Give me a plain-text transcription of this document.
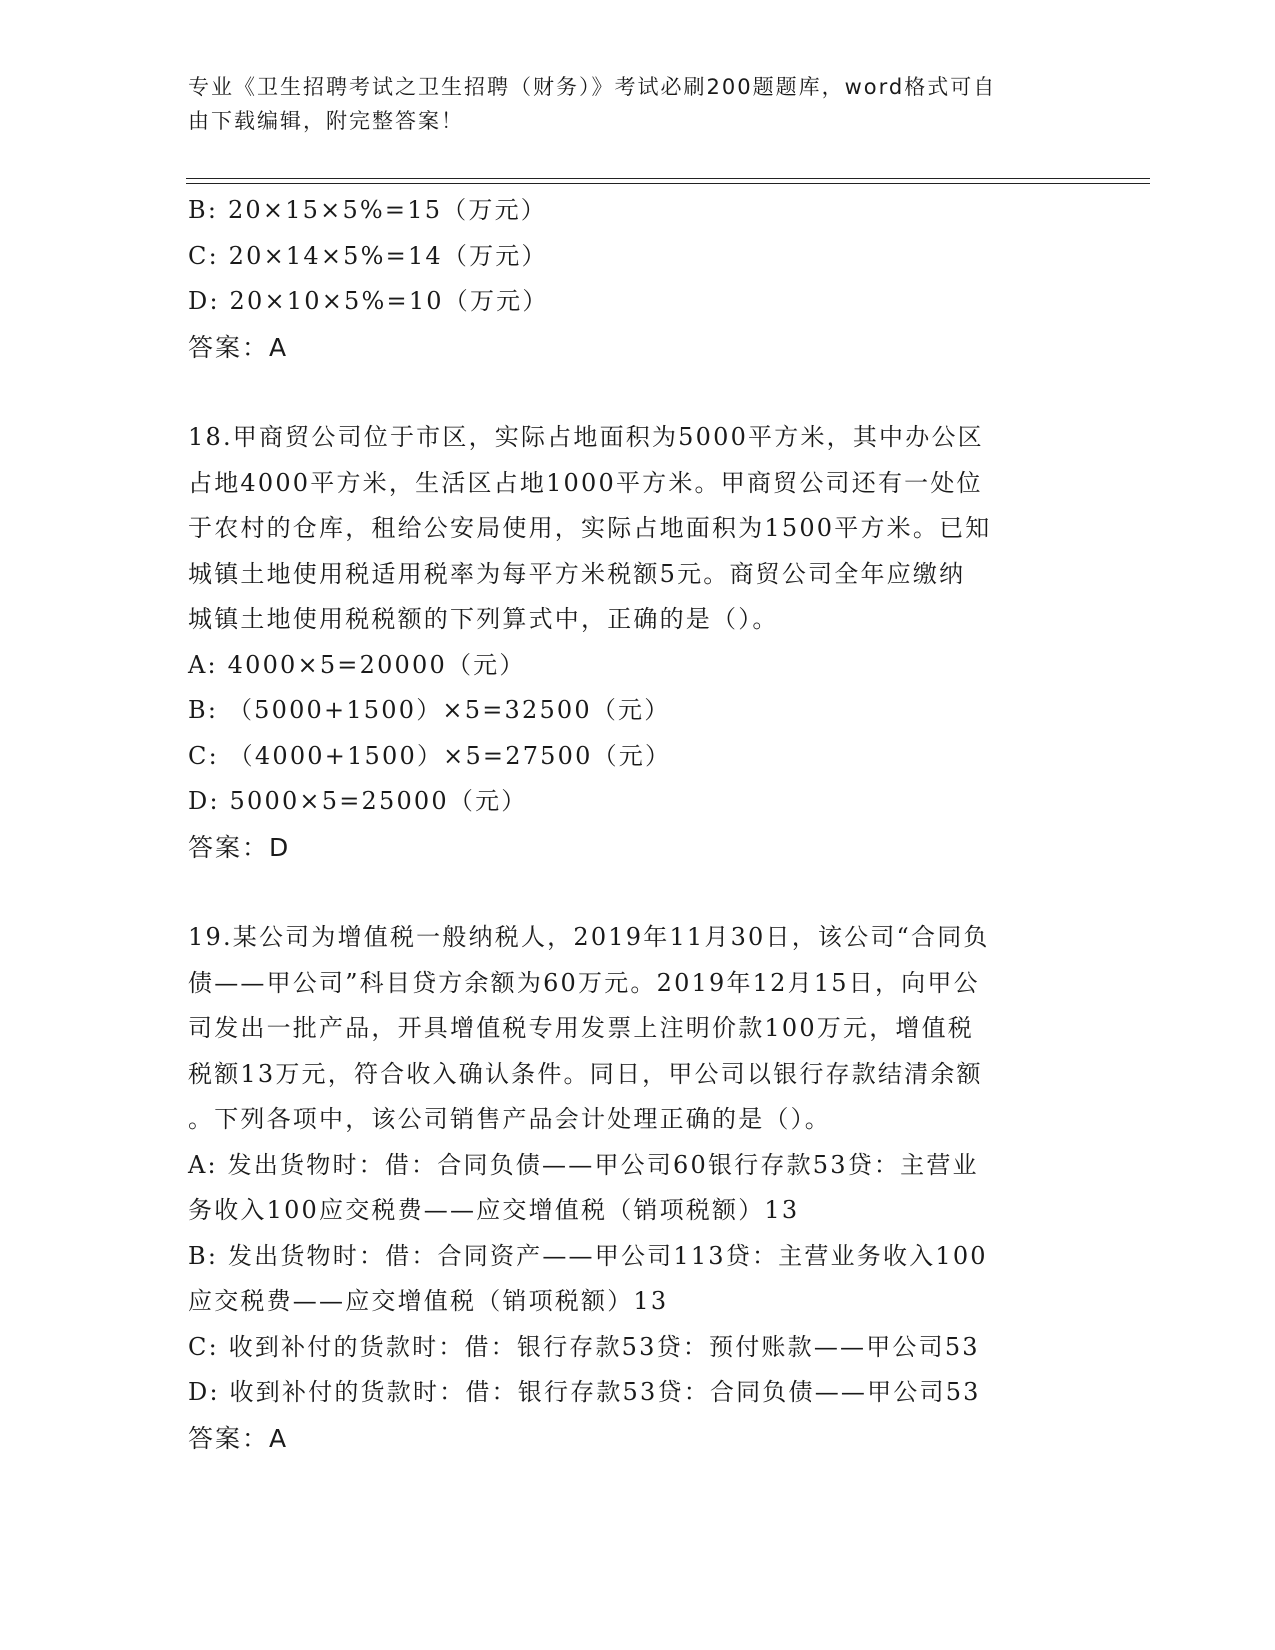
专业《卫生招聘考试之卫生招聘（财务）》考试必刷200题题库，word格式可自
由下载编辑，附完整答案！
B: 20×15×5%=15（万元）
C: 20×14×5%=14（万元）
D: 20×10×5%=10（万元）
答案：A
18.甲商贸公司位于市区，实际占地面积为5000平方米，其中办公区
占地4000平方米，生活区占地1000平方米。甲商贸公司还有一处位
于农村的仓库，租给公安局使用，实际占地面积为1500平方米。已知
城镇土地使用税适用税率为每平方米税额5元。商贸公司全年应缴纳
城镇土地使用税税额的下列算式中，正确的是（）。
A: 4000×5=20000（元）
B: （5000+1500）×5=32500（元）
C: （4000+1500）×5=27500（元）
D: 5000×5=25000（元）
答案：D
19.某公司为增值税一般纳税人，2019年11月30日，该公司“合同负
债——甲公司”科目贷方余额为60万元。2019年12月15日，向甲公
司发出一批产品，开具增值税专用发票上注明价款100万元，增值税
税额13万元，符合收入确认条件。同日，甲公司以银行存款结清余额
。下列各项中，该公司销售产品会计处理正确的是（）。
A: 发出货物时：借：合同负债——甲公司60银行存款53贷：主营业
务收入100应交税费——应交增值税（销项税额）13
B: 发出货物时：借：合同资产——甲公司113贷：主营业务收入100
应交税费——应交增值税（销项税额）13
C: 收到补付的货款时：借：银行存款53贷：预付账款——甲公司53
D: 收到补付的货款时：借：银行存款53贷：合同负债——甲公司53
答案：A
